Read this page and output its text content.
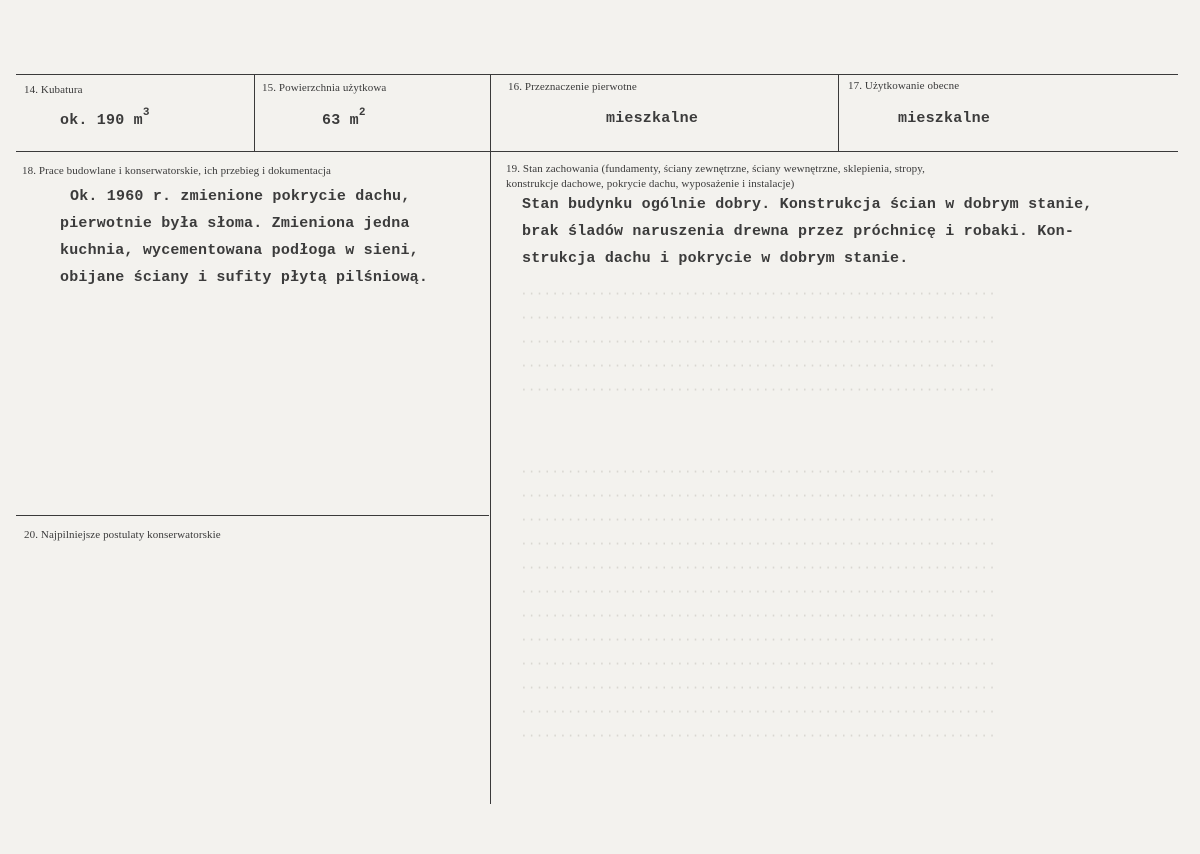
·····························································
·····························································
·····························································
·····························································
·····························································
·····························································
·····························································
·····························································
·····························································
·····························································
·····························································
·····························································
·····························································
·····························································
·····························································
·····························································
·····························································
14. Kubatura
ok. 190 $m^3$
15. Powierzchnia użytkowa
63 $m^2$
16. Przeznaczenie pierwotne
mieszkalne
17. Użytkowanie obecne
mieszkalne
18. Prace budowlane i konserwatorskie, ich przebieg i dokumentacja
Ok. 1960 r. zmienione pokrycie dachu,
pierwotnie była słoma. Zmieniona jedna
kuchnia, wycementowana podłoga w sieni,
obijane ściany i sufity płytą pilśniową.
19. Stan zachowania (fundamenty, ściany zewnętrzne, ściany wewnętrzne, sklepienia, stropy,
konstrukcje dachowe, pokrycie dachu, wyposażenie i instalacje)
Stan budynku ogólnie dobry. Konstrukcja ścian w dobrym stanie,
brak śladów naruszenia drewna przez próchnicę i robaki. Kon-
strukcja dachu i pokrycie w dobrym stanie.
20. Najpilniejsze postulaty konserwatorskie
